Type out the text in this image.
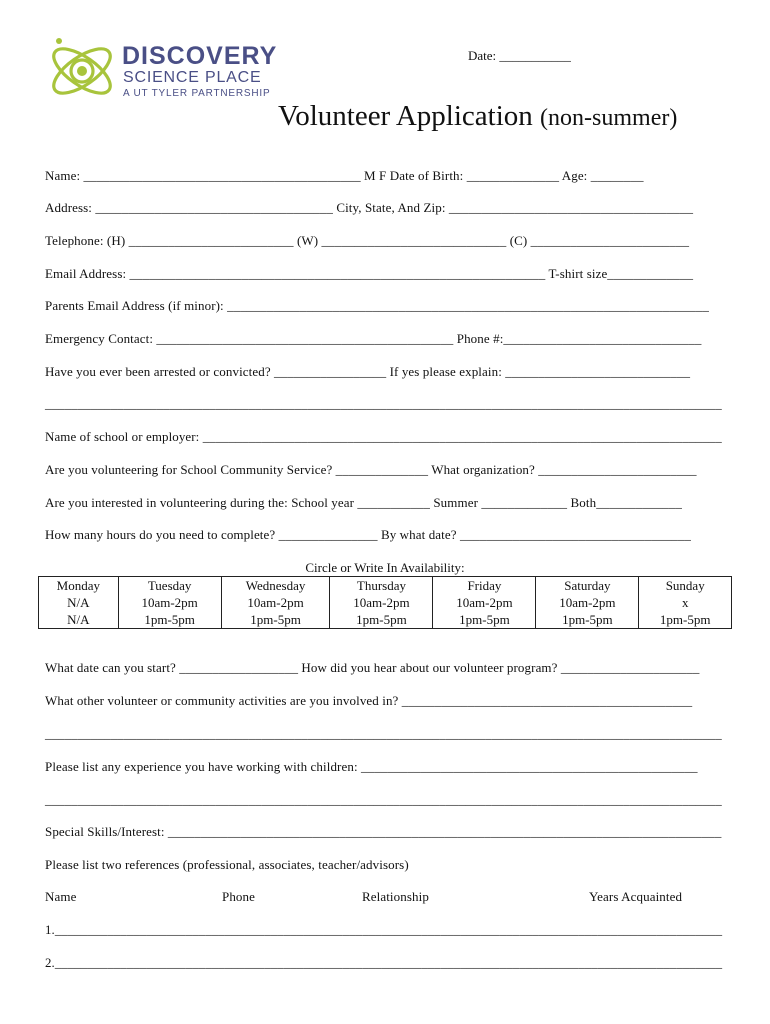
DISCOVERY
SCIENCE PLACE
A UT TYLER PARTNERSHIP
Date: ___________
Volunteer Application (non-summer)
Name: __________________________________________ M F Date of Birth: ______________ Age: ________
Address: ____________________________________ City, State, And Zip: _____________________________________
Telephone: (H) _________________________ (W) ____________________________ (C) ________________________
Email Address: _______________________________________________________________ T-shirt size_____________
Parents Email Address (if minor): _________________________________________________________________________
Emergency Contact: _____________________________________________ Phone #:______________________________
Have you ever been arrested or convicted? _________________ If yes please explain: ____________________________
_______________________________________________________________________________________________________
Name of school or employer: _______________________________________________________________________________
Are you volunteering for School Community Service? ______________ What organization? ________________________
Are you interested in volunteering during the: School year ___________ Summer _____________ Both_____________
How many hours do you need to complete? _______________ By what date? ___________________________________
Circle or Write In Availability:
Monday	Tuesday	Wednesday	Thursday	Friday	Saturday	Sunday
N/A	10am-2pm	10am-2pm	10am-2pm	10am-2pm	10am-2pm	x
N/A	1pm-5pm	1pm-5pm	1pm-5pm	1pm-5pm	1pm-5pm	1pm-5pm
What date can you start? __________________ How did you hear about our volunteer program? _____________________
What other volunteer or community activities are you involved in? ____________________________________________
_______________________________________________________________________________________________________
Please list any experience you have working with children: ___________________________________________________
_______________________________________________________________________________________________________
Special Skills/Interest: ____________________________________________________________________________________
Please list two references (professional, associates, teacher/advisors)
Name	Phone	Relationship	Years Acquainted
1.______________________________________________________________________________________________________
2.______________________________________________________________________________________________________
